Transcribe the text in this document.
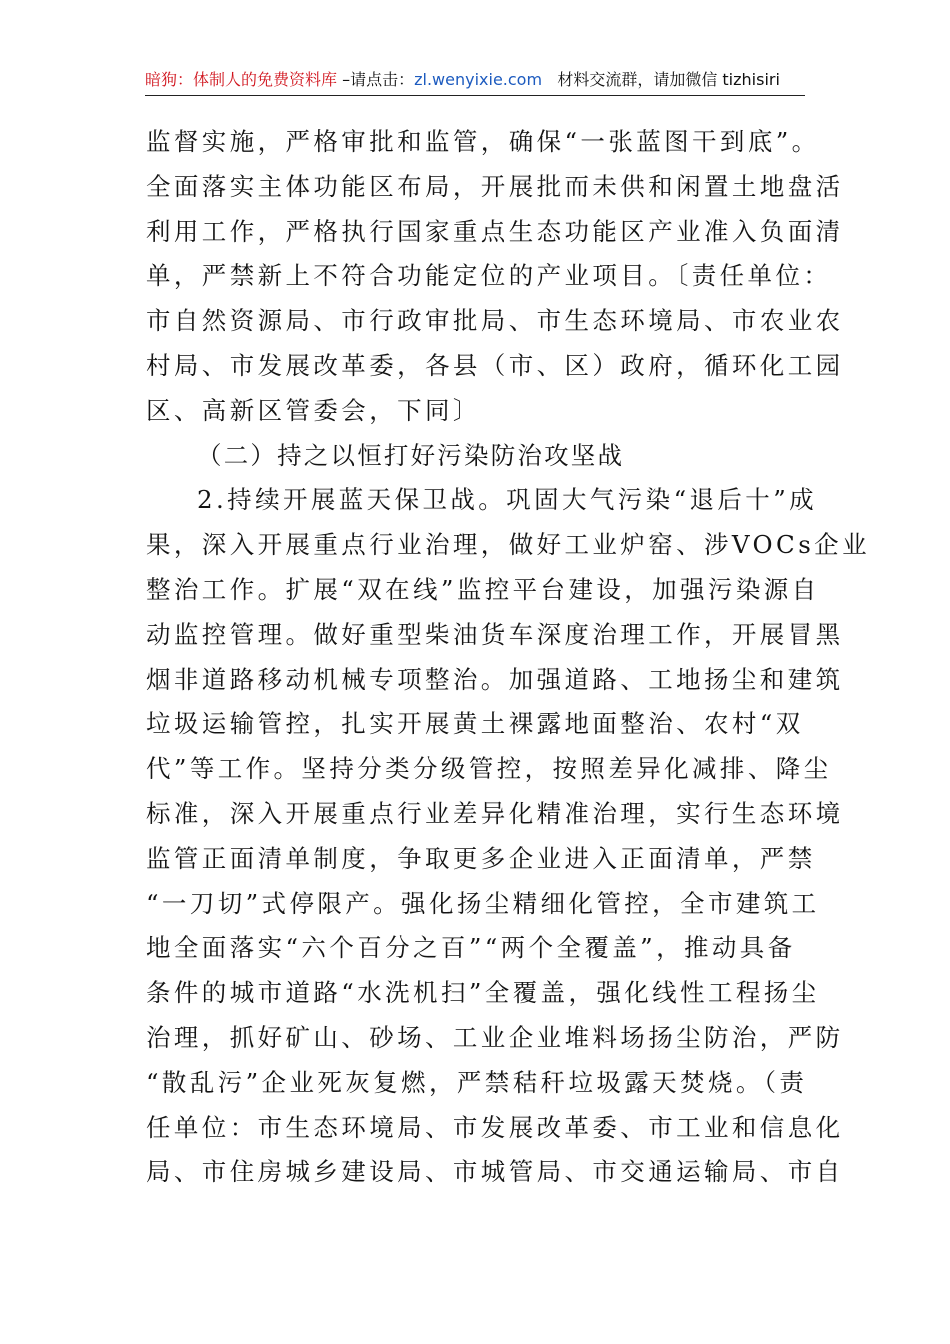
暗狗：体制人的免费资料库 –请点击：zl.wenyixie.com 材料交流群，请加微信 tizhisiri
监督实施，严格审批和监管，确保“一张蓝图干到底”。
全面落实主体功能区布局，开展批而未供和闲置土地盘活
利用工作，严格执行国家重点生态功能区产业准入负面清
单，严禁新上不符合功能定位的产业项目。〔责任单位：
市自然资源局、市行政审批局、市生态环境局、市农业农
村局、市发展改革委，各县（市、区）政府，循环化工园
区、高新区管委会，下同〕
（二）持之以恒打好污染防治攻坚战
2.持续开展蓝天保卫战。巩固大气污染“退后十”成
果，深入开展重点行业治理，做好工业炉窑、涉VOCs企业
整治工作。扩展“双在线”监控平台建设，加强污染源自
动监控管理。做好重型柴油货车深度治理工作，开展冒黑
烟非道路移动机械专项整治。加强道路、工地扬尘和建筑
垃圾运输管控，扎实开展黄土裸露地面整治、农村“双
代”等工作。坚持分类分级管控，按照差异化减排、降尘
标准，深入开展重点行业差异化精准治理，实行生态环境
监管正面清单制度，争取更多企业进入正面清单，严禁
“一刀切”式停限产。强化扬尘精细化管控，全市建筑工
地全面落实“六个百分之百”“两个全覆盖”，推动具备
条件的城市道路“水洗机扫”全覆盖，强化线性工程扬尘
治理，抓好矿山、砂场、工业企业堆料场扬尘防治，严防
“散乱污”企业死灰复燃，严禁秸秆垃圾露天焚烧。（责
任单位：市生态环境局、市发展改革委、市工业和信息化
局、市住房城乡建设局、市城管局、市交通运输局、市自
